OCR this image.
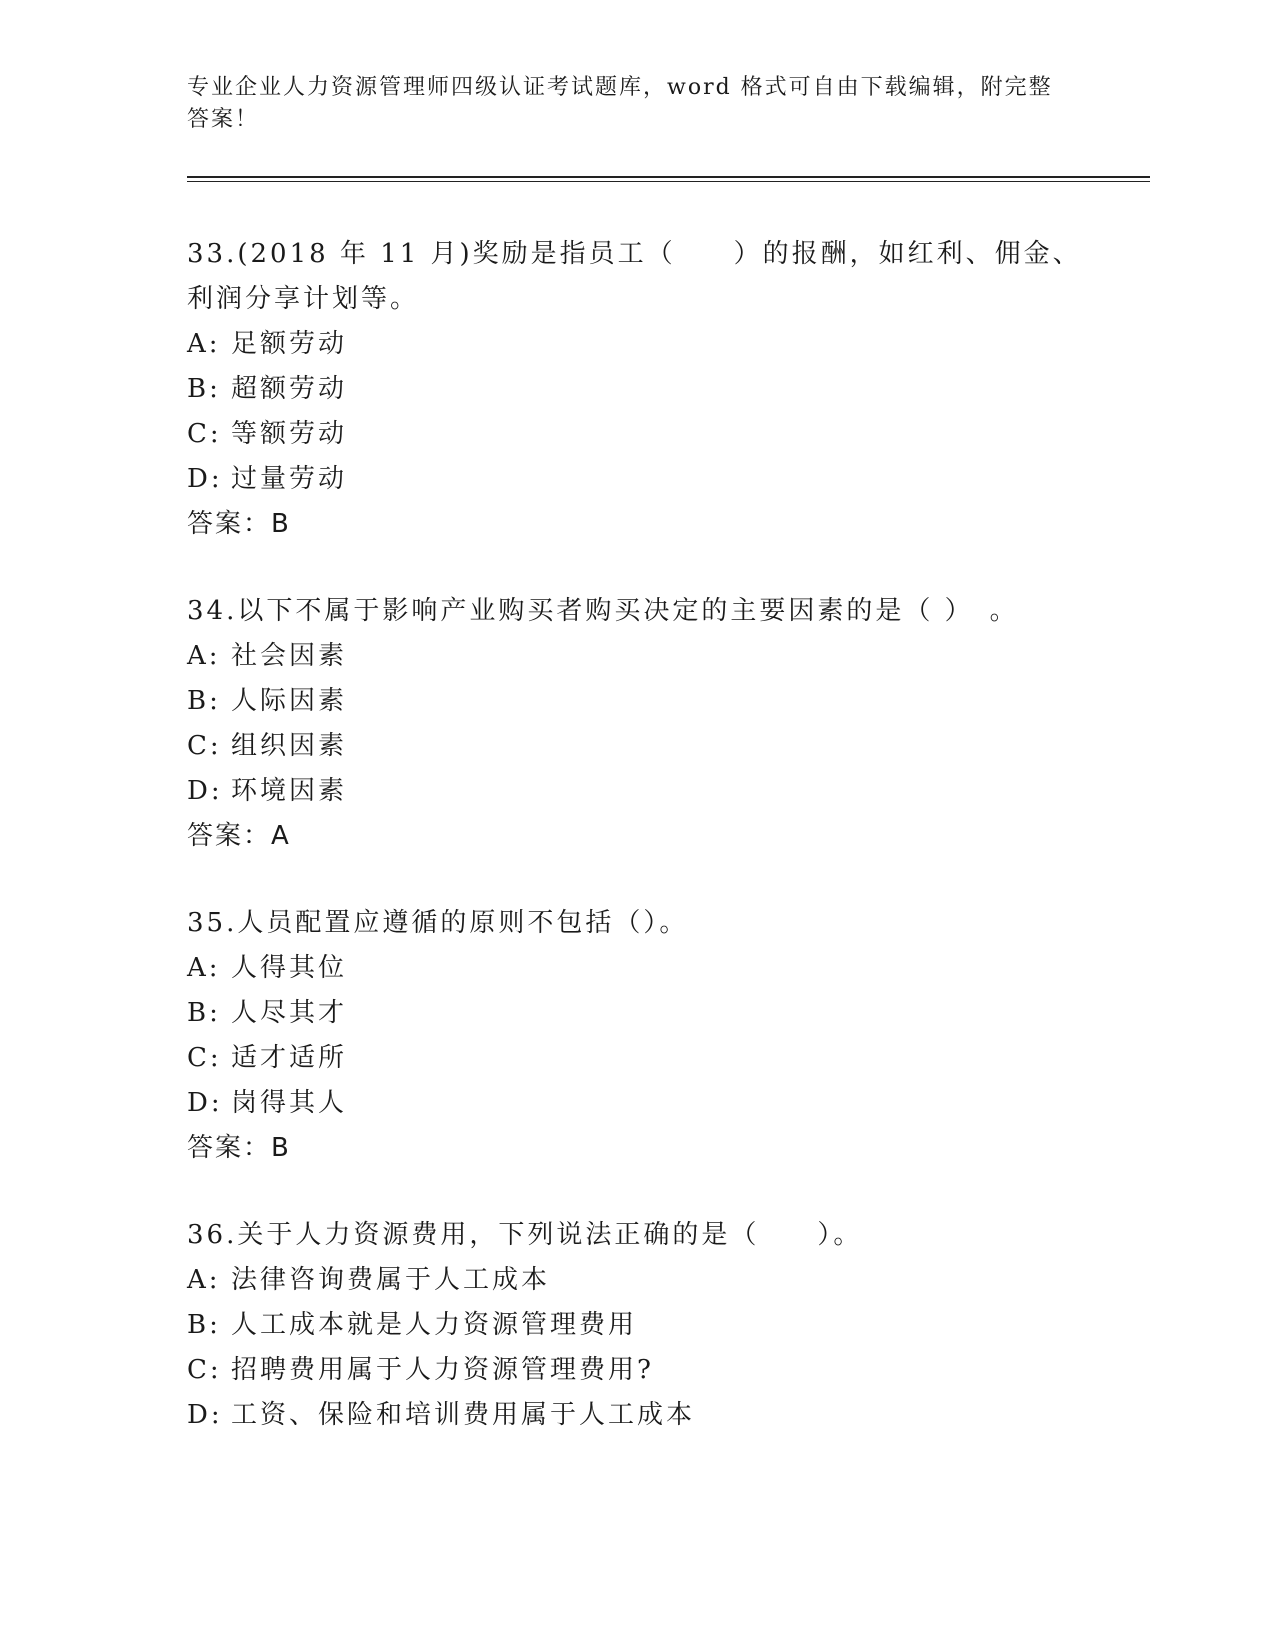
专业企业人力资源管理师四级认证考试题库，word 格式可自由下载编辑，附完整答案！

33.(2018 年 11 月)奖励是指员工（　　）的报酬，如红利、佣金、利润分享计划等。

A: 足额劳动

B: 超额劳动

C: 等额劳动

D: 过量劳动

答案：B

34.以下不属于影响产业购买者购买决定的主要因素的是（ ）　。

A: 社会因素

B: 人际因素

C: 组织因素

D: 环境因素

答案：A

35.人员配置应遵循的原则不包括（）。

A: 人得其位

B: 人尽其才

C: 适才适所

D: 岗得其人

答案：B

36.关于人力资源费用，下列说法正确的是（　　）。

A: 法律咨询费属于人工成本

B: 人工成本就是人力资源管理费用

C: 招聘费用属于人力资源管理费用?

D: 工资、保险和培训费用属于人工成本
